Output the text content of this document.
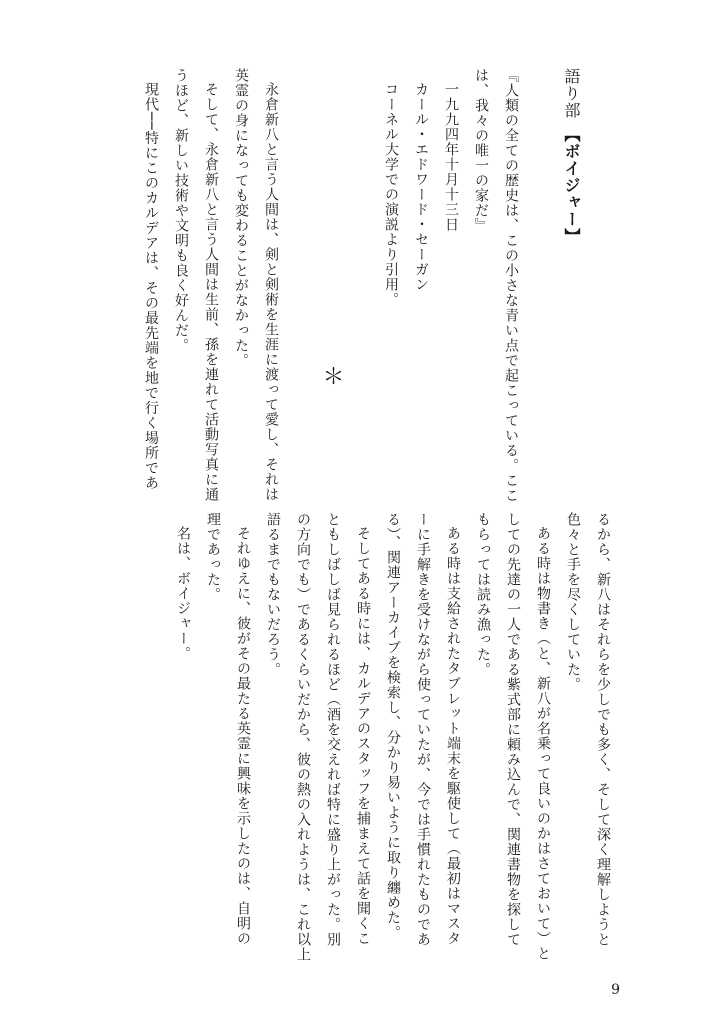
語り部　【ボイジャー】
『人類の全ての歴史は、この小さな青い点で起こっている。ここ
は、我々の唯一の家だ』
一九九四年十月十三日
カール・エドワード・セーガン
コーネル大学での演説より引用。
＊
永倉新八と言う人間は、剣と剣術を生涯に渡って愛し、それは
英霊の身になっても変わることがなかった。
そして、永倉新八と言う人間は生前、孫を連れて活動写真に通
うほど、新しい技術や文明も良く好んだ。
現代──特にこのカルデアは、その最先端を地で行く場所であ
るから、新八はそれらを少しでも多く、そして深く理解しようと
色々と手を尽くしていた。
ある時は物書き（と、新八が名乗って良いのかはさておいて）と
しての先達の一人である紫式部に頼み込んで、関連書物を探して
もらっては読み漁った。
ある時は支給されたタブレット端末を駆使して（最初はマスタ
ーに手解きを受けながら使っていたが、今では手慣れたものであ
る）、関連アーカイブを検索し、分かり易いように取り纏めた。
そしてある時には、カルデアのスタッフを捕まえて話を聞くこ
ともしばしば見られるほど（酒を交えれば特に盛り上がった。別
の方向でも）であるくらいだから、彼の熱の入れようは、これ以上
語るまでもないだろう。
それゆえに、彼がその最たる英霊に興味を示したのは、自明の
理であった。
名は、ボイジャー。
9
